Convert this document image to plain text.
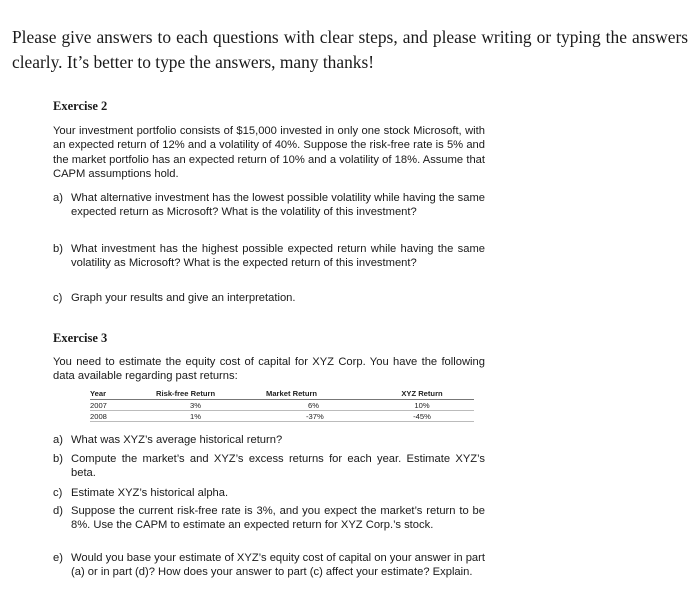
Please give answers to each questions with clear steps, and please writing or typing the answers clearly. It’s better to type the answers, many thanks!

Exercise 2

Your investment portfolio consists of $15,000 invested in only one stock Microsoft, with an expected return of 12% and a volatility of 40%. Suppose the risk-free rate is 5% and the market portfolio has an expected return of 10% and a volatility of 18%. Assume that CAPM assumptions hold.

a) What alternative investment has the lowest possible volatility while having the same expected return as Microsoft? What is the volatility of this investment?
b) What investment has the highest possible expected return while having the same volatility as Microsoft? What is the expected return of this investment?
c) Graph your results and give an interpretation.

Exercise 3

You need to estimate the equity cost of capital for XYZ Corp. You have the following data available regarding past returns:

Year	Risk-free Return	Market Return	XYZ Return
2007	3%	6%	10%
2008	1%	-37%	-45%
a) What was XYZ’s average historical return?
b) Compute the market’s and XYZ’s excess returns for each year. Estimate XYZ’s beta.
c) Estimate XYZ’s historical alpha.
d) Suppose the current risk-free rate is 3%, and you expect the market’s return to be 8%. Use the CAPM to estimate an expected return for XYZ Corp.’s stock.
e) Would you base your estimate of XYZ’s equity cost of capital on your answer in part (a) or in part (d)? How does your answer to part (c) affect your estimate? Explain.
